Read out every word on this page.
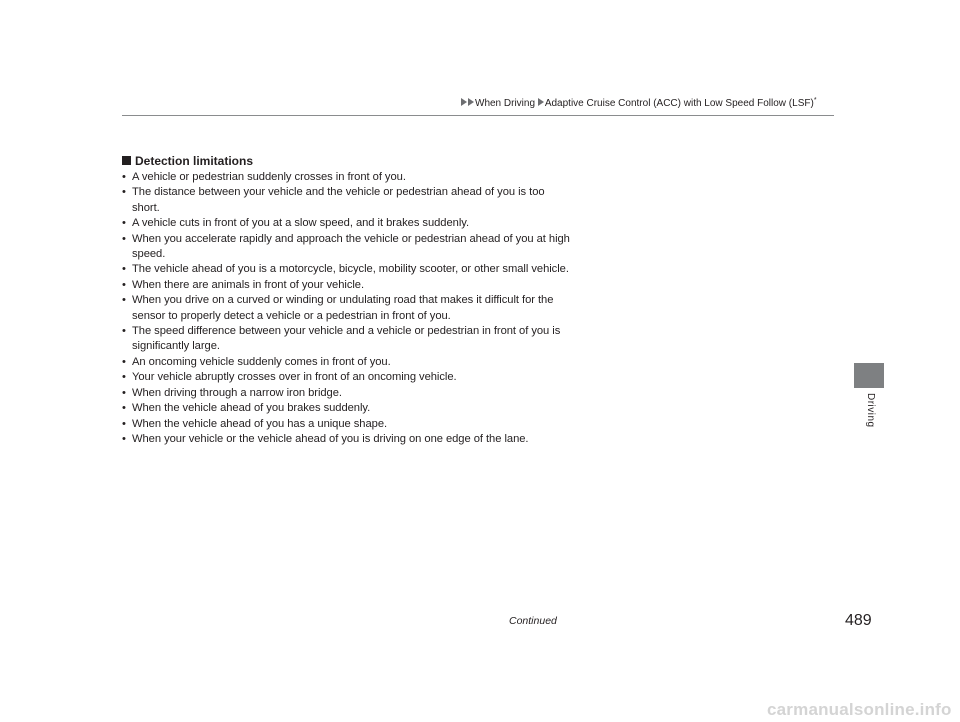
When Driving Adaptive Cruise Control (ACC) with Low Speed Follow (LSF)*
Detection limitations
• A vehicle or pedestrian suddenly crosses in front of you.
• The distance between your vehicle and the vehicle or pedestrian ahead of you is too short.
• A vehicle cuts in front of you at a slow speed, and it brakes suddenly.
• When you accelerate rapidly and approach the vehicle or pedestrian ahead of you at high speed.
• The vehicle ahead of you is a motorcycle, bicycle, mobility scooter, or other small vehicle.
• When there are animals in front of your vehicle.
• When you drive on a curved or winding or undulating road that makes it difficult for the sensor to properly detect a vehicle or a pedestrian in front of you.
• The speed difference between your vehicle and a vehicle or pedestrian in front of you is significantly large.
• An oncoming vehicle suddenly comes in front of you.
• Your vehicle abruptly crosses over in front of an oncoming vehicle.
• When driving through a narrow iron bridge.
• When the vehicle ahead of you brakes suddenly.
• When the vehicle ahead of you has a unique shape.
• When your vehicle or the vehicle ahead of you is driving on one edge of the lane.
Driving
Continued	489
carmanualsonline.info
